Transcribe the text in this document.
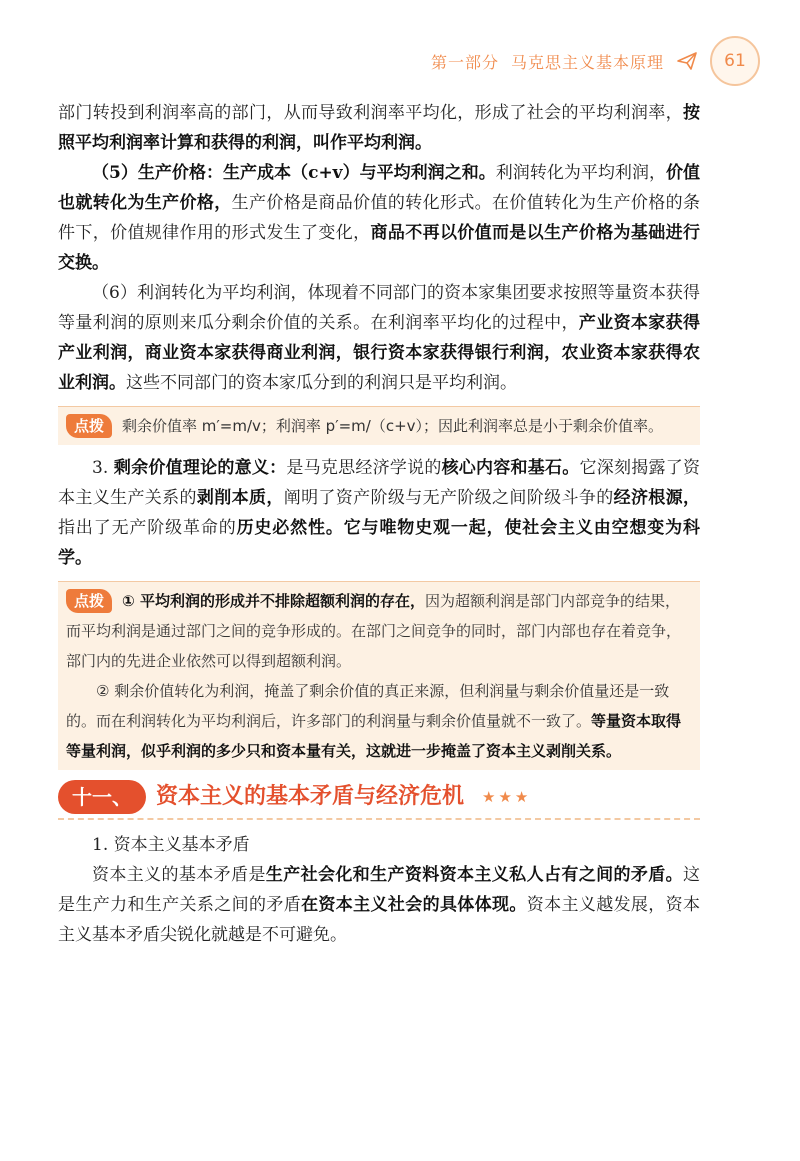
第一部分 马克思主义基本原理	61

部门转投到利润率高的部门，从而导致利润率平均化，形成了社会的平均利润率，按照平均利润率计算和获得的利润，叫作平均利润。

（5）生产价格：生产成本（c+v）与平均利润之和。利润转化为平均利润，价值也就转化为生产价格，生产价格是商品价值的转化形式。在价值转化为生产价格的条件下，价值规律作用的形式发生了变化，商品不再以价值而是以生产价格为基础进行交换。

（6）利润转化为平均利润，体现着不同部门的资本家集团要求按照等量资本获得等量利润的原则来瓜分剩余价值的关系。在利润率平均化的过程中，产业资本家获得产业利润，商业资本家获得商业利润，银行资本家获得银行利润，农业资本家获得农业利润。这些不同部门的资本家瓜分到的利润只是平均利润。

点拨 剩余价值率 m′=m/v；利润率 p′=m/（c+v）；因此利润率总是小于剩余价值率。

3. 剩余价值理论的意义：是马克思经济学说的核心内容和基石。它深刻揭露了资本主义生产关系的剥削本质，阐明了资产阶级与无产阶级之间阶级斗争的经济根源，指出了无产阶级革命的历史必然性。它与唯物史观一起，使社会主义由空想变为科学。

点拨 ① 平均利润的形成并不排除超额利润的存在，因为超额利润是部门内部竞争的结果，而平均利润是通过部门之间的竞争形成的。在部门之间竞争的同时，部门内部也存在着竞争，部门内的先进企业依然可以得到超额利润。
② 剩余价值转化为利润，掩盖了剩余价值的真正来源，但利润量与剩余价值量还是一致的。而在利润转化为平均利润后，许多部门的利润量与剩余价值量就不一致了。等量资本取得等量利润，似乎利润的多少只和资本量有关，这就进一步掩盖了资本主义剥削关系。
十一、	资本主义的基本矛盾与经济危机 ★★★

1. 资本主义基本矛盾

资本主义的基本矛盾是生产社会化和生产资料资本主义私人占有之间的矛盾。这是生产力和生产关系之间的矛盾在资本主义社会的具体体现。资本主义越发展，资本主义基本矛盾尖锐化就越是不可避免。
